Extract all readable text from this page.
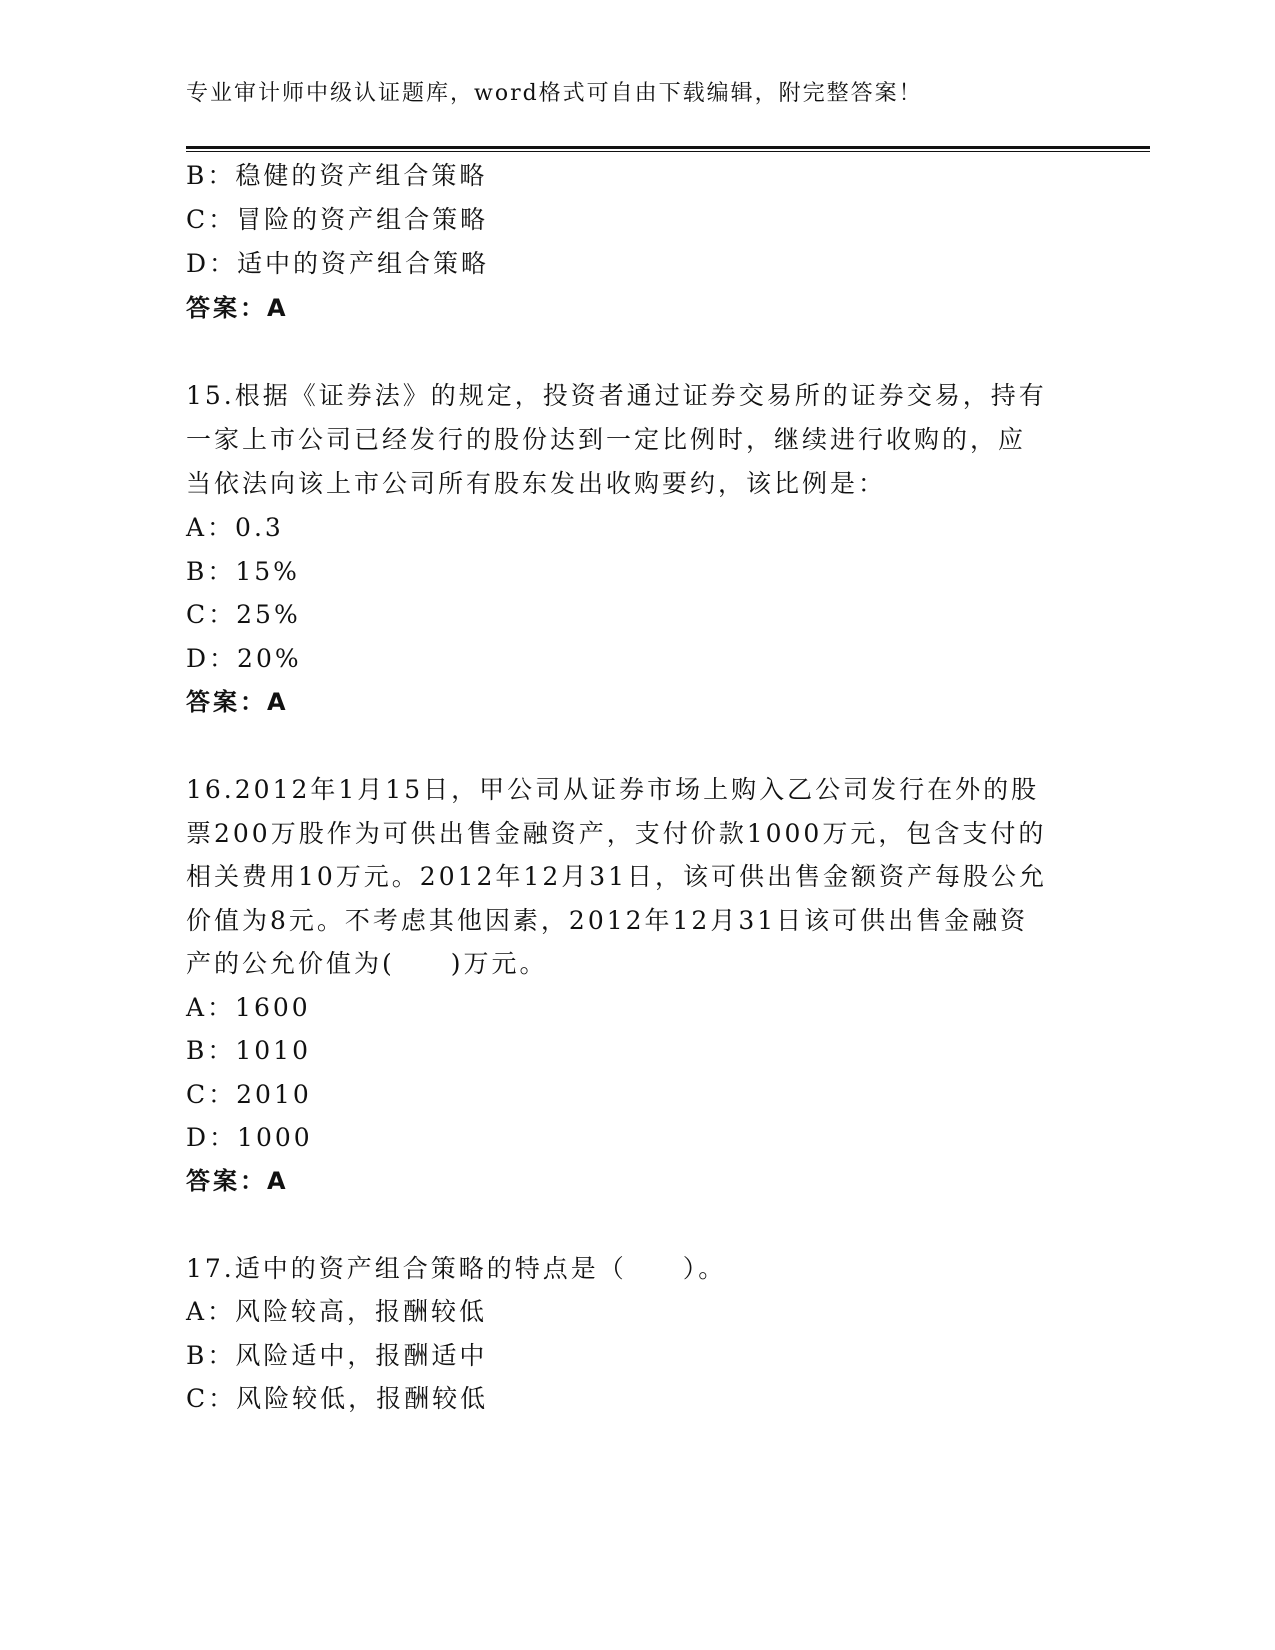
专业审计师中级认证题库，word格式可自由下载编辑，附完整答案！
B：稳健的资产组合策略
C：冒险的资产组合策略
D：适中的资产组合策略
答案：A
15.根据《证券法》的规定，投资者通过证券交易所的证券交易，持有
一家上市公司已经发行的股份达到一定比例时，继续进行收购的，应
当依法向该上市公司所有股东发出收购要约，该比例是：
A：0.3
B：15%
C：25%
D：20%
答案：A
16.2012年1月15日，甲公司从证券市场上购入乙公司发行在外的股
票200万股作为可供出售金融资产，支付价款1000万元，包含支付的
相关费用10万元。2012年12月31日，该可供出售金额资产每股公允
价值为8元。不考虑其他因素，2012年12月31日该可供出售金融资
产的公允价值为(　　)万元。
A：1600
B：1010
C：2010
D：1000
答案：A
17.适中的资产组合策略的特点是（　　）。
A：风险较高，报酬较低
B：风险适中，报酬适中
C：风险较低，报酬较低
